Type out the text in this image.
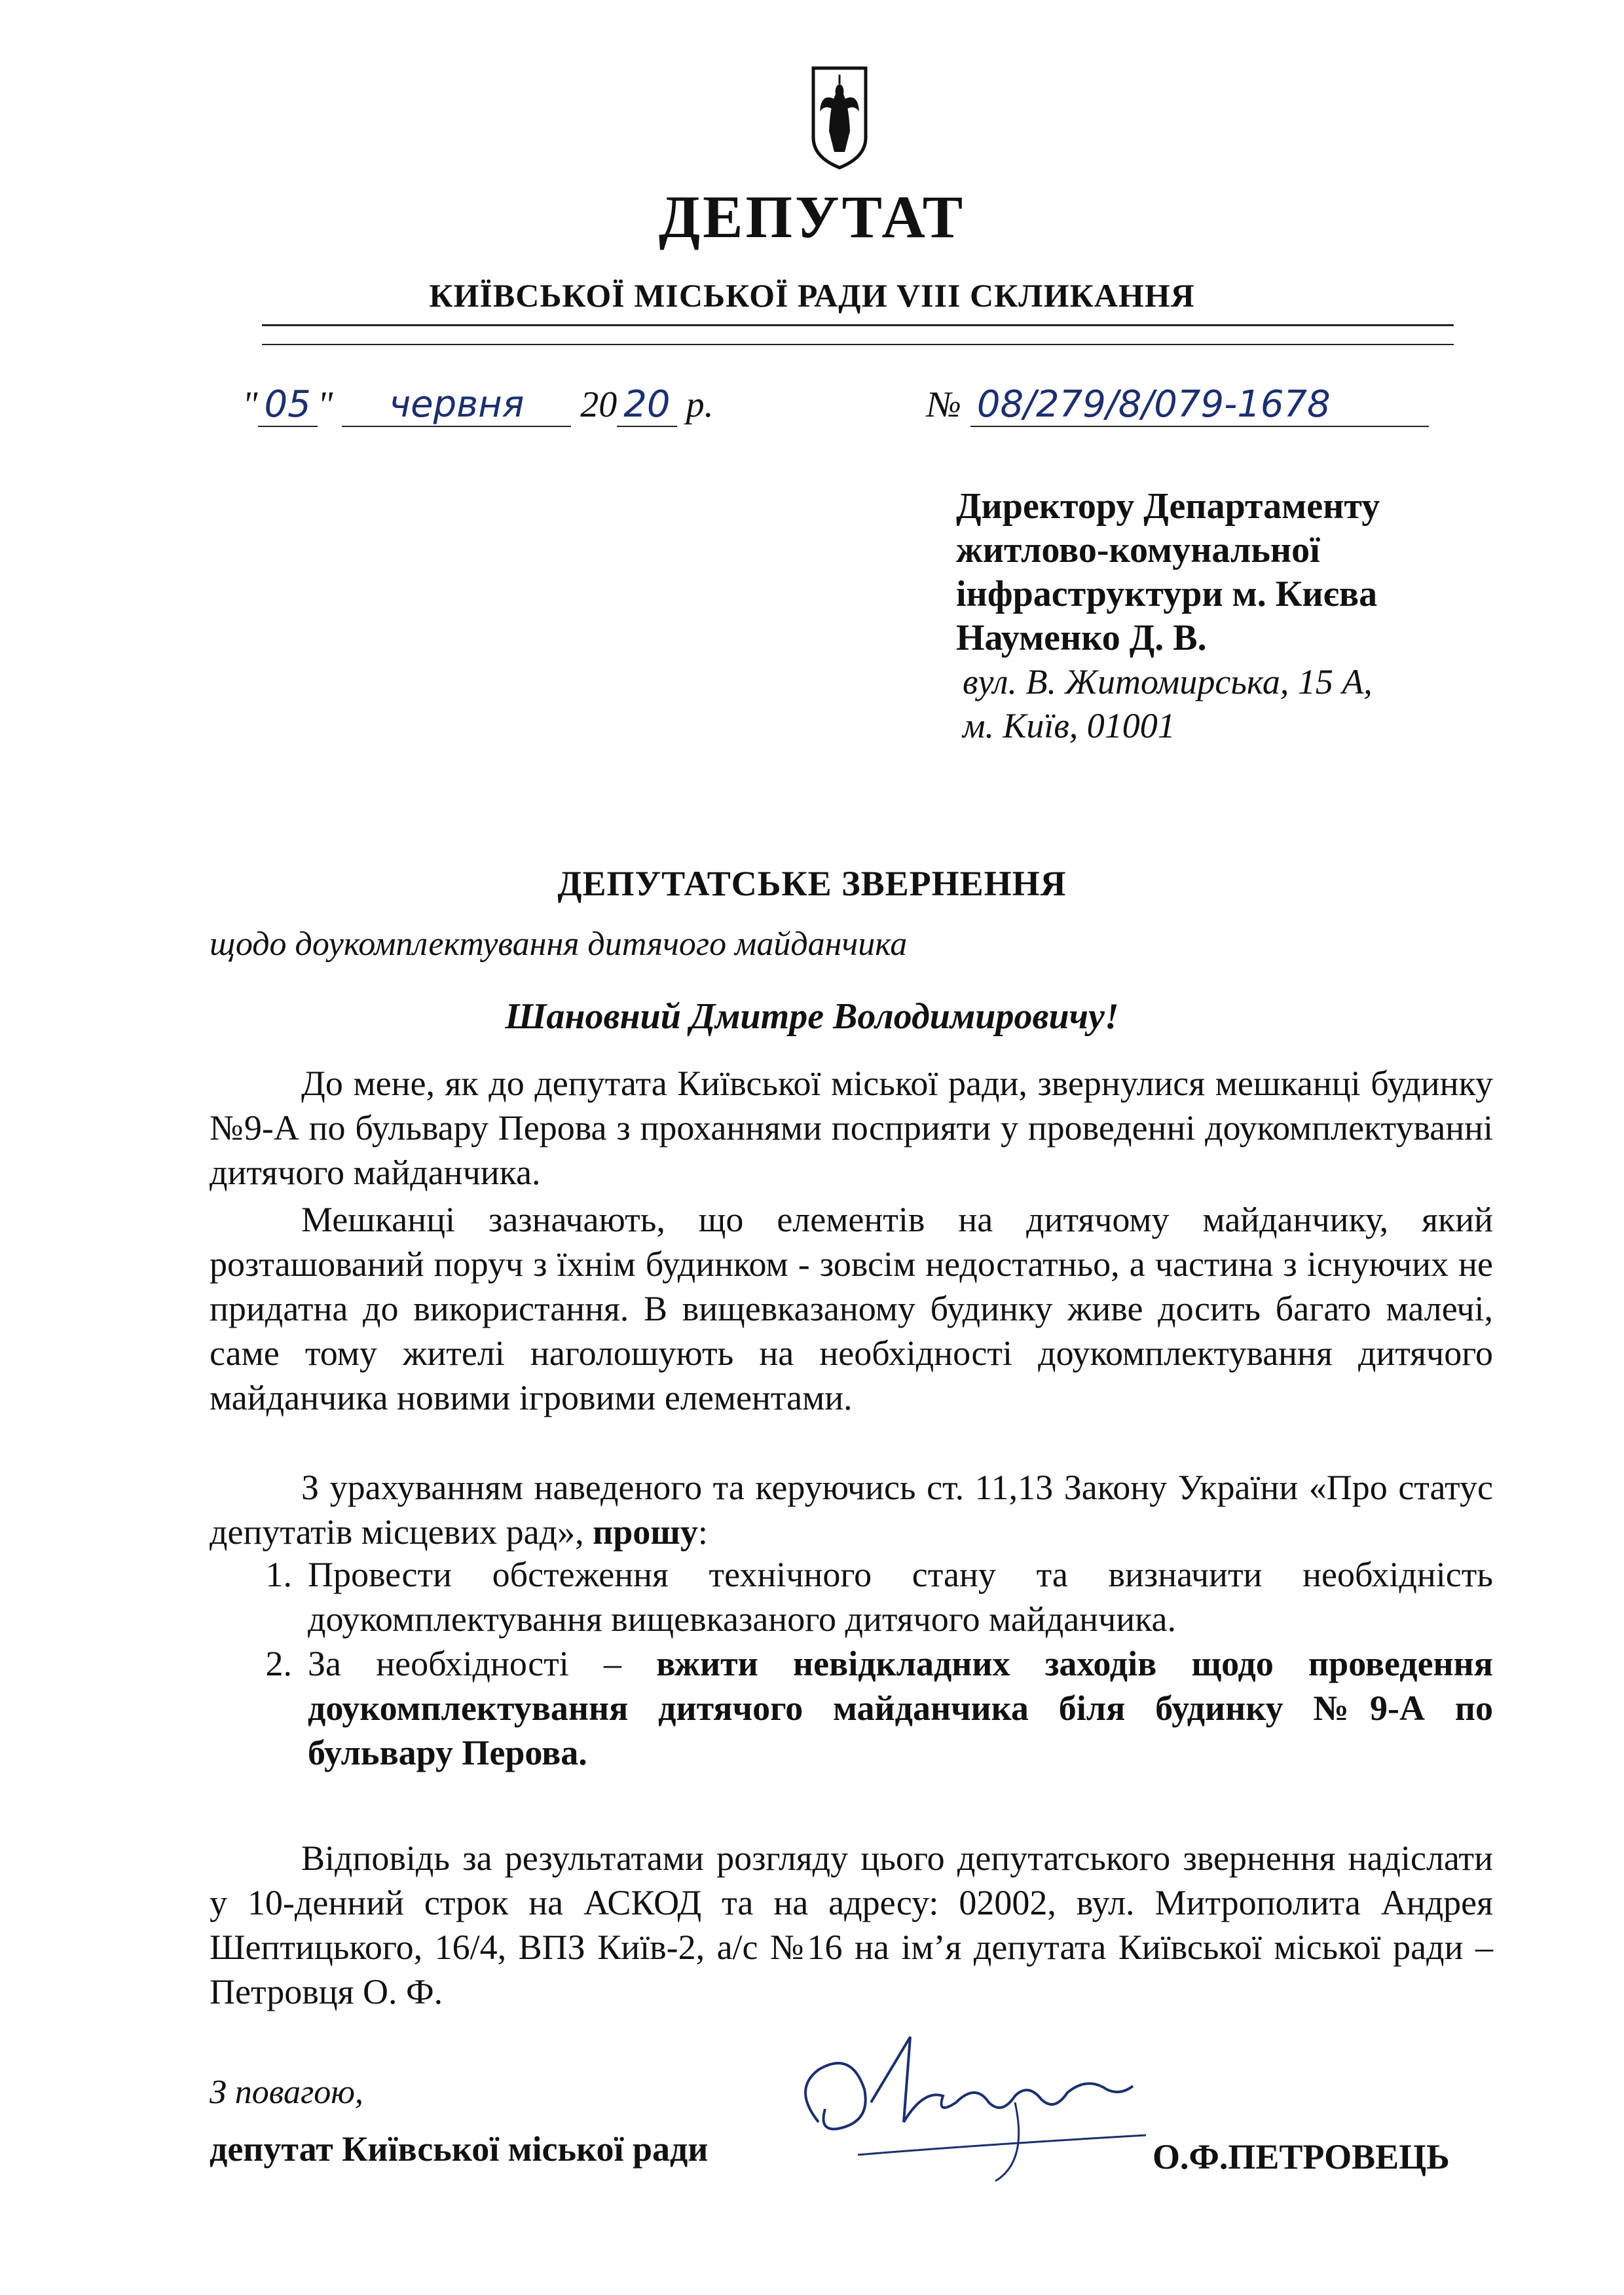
ДЕПУТАТ
КИЇВСЬКОЇ МІСЬКОЇ РАДИ VIII СКЛИКАННЯ
" 05 " червня 20 20 р.	№ 08/279/8/079-1678
Директору Департаменту
житлово-комунальної
інфраструктури м. Києва
Науменко Д. В.
вул. В. Житомирська, 15 А,
м. Київ, 01001
ДЕПУТАТСЬКЕ ЗВЕРНЕННЯ
щодо доукомплектування дитячого майданчика
Шановний Дмитре Володимировичу!
До мене, як до депутата Київської міської ради, звернулися мешканці будинку №9-А по бульвару Перова з проханнями посприяти у проведенні доукомплектуванні дитячого майданчика.
Мешканці зазначають, що елементів на дитячому майданчику, який розташований поруч з їхнім будинком - зовсім недостатньо, а частина з існуючих не придатна до використання. В вищевказаному будинку живе досить багато малечі, саме тому жителі наголошують на необхідності доукомплектування дитячого майданчика новими ігровими елементами.
З урахуванням наведеного та керуючись ст. 11,13 Закону України «Про статус депутатів місцевих рад», прошу:
1. Провести обстеження технічного стану та визначити необхідність доукомплектування вищевказаного дитячого майданчика.
2. За необхідності – вжити невідкладних заходів щодо проведення доукомплектування дитячого майданчика біля будинку №9-А по бульвару Перова.
Відповідь за результатами розгляду цього депутатського звернення надіслати у 10-денний строк на АСКОД та на адресу: 02002, вул. Митрополита Андрея Шептицького, 16/4, ВПЗ Київ-2, а/с №16 на ім’я депутата Київської міської ради – Петровця О. Ф.
З повагою,
депутат Київської міської ради	О.Ф.ПЕТРОВЕЦЬ
